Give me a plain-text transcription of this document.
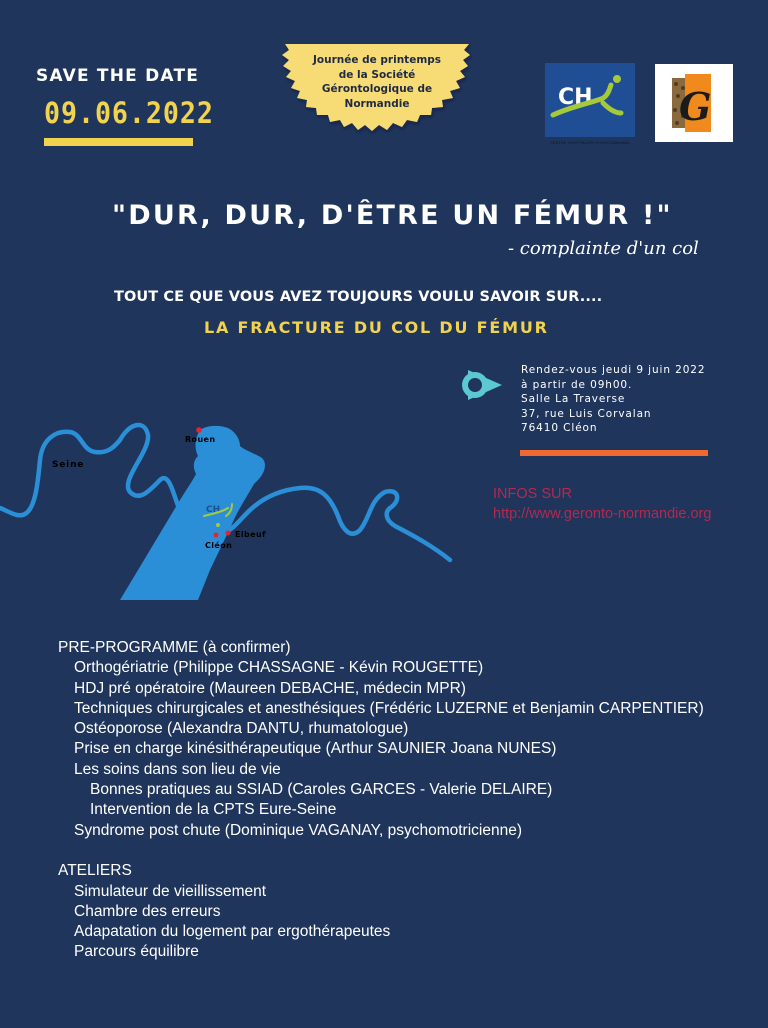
SAVE THE DATE
09.06.2022
Journée de printemps
de la Société
Gérontologique de
Normandie	CH
CENTRE HOSPITALIER INTERCOMMUNAL
G
"DUR, DUR, D'ÊTRE UN FÉMUR !"
- complainte d'un col
TOUT CE QUE VOUS AVEZ TOUJOURS VOULU SAVOIR SUR....
LA FRACTURE DU COL DU FÉMUR
Rendez-vous jeudi 9 juin 2022
à partir de 09h00.
Salle La Traverse
37, rue Luis Corvalan
76410 Cléon
INFOS SUR
http://www.geronto-normandie.org
CH
Seine
Rouen
Elbeuf
Cléon
PRE-PROGRAMME (à confirmer)
Orthogériatrie (Philippe CHASSAGNE - Kévin ROUGETTE)
HDJ pré opératoire (Maureen DEBACHE, médecin MPR)
Techniques chirurgicales et anesthésiques (Frédéric LUZERNE et Benjamin CARPENTIER)
Ostéoporose (Alexandra DANTU, rhumatologue)
Prise en charge kinésithérapeutique (Arthur SAUNIER Joana NUNES)
Les soins dans son lieu de vie
Bonnes pratiques au SSIAD (Caroles GARCES - Valerie DELAIRE)
Intervention de la CPTS Eure-Seine
Syndrome post chute (Dominique VAGANAY, psychomotricienne)
ATELIERS
Simulateur de vieillissement
Chambre des erreurs
Adapatation du logement par ergothérapeutes
Parcours équilibre
